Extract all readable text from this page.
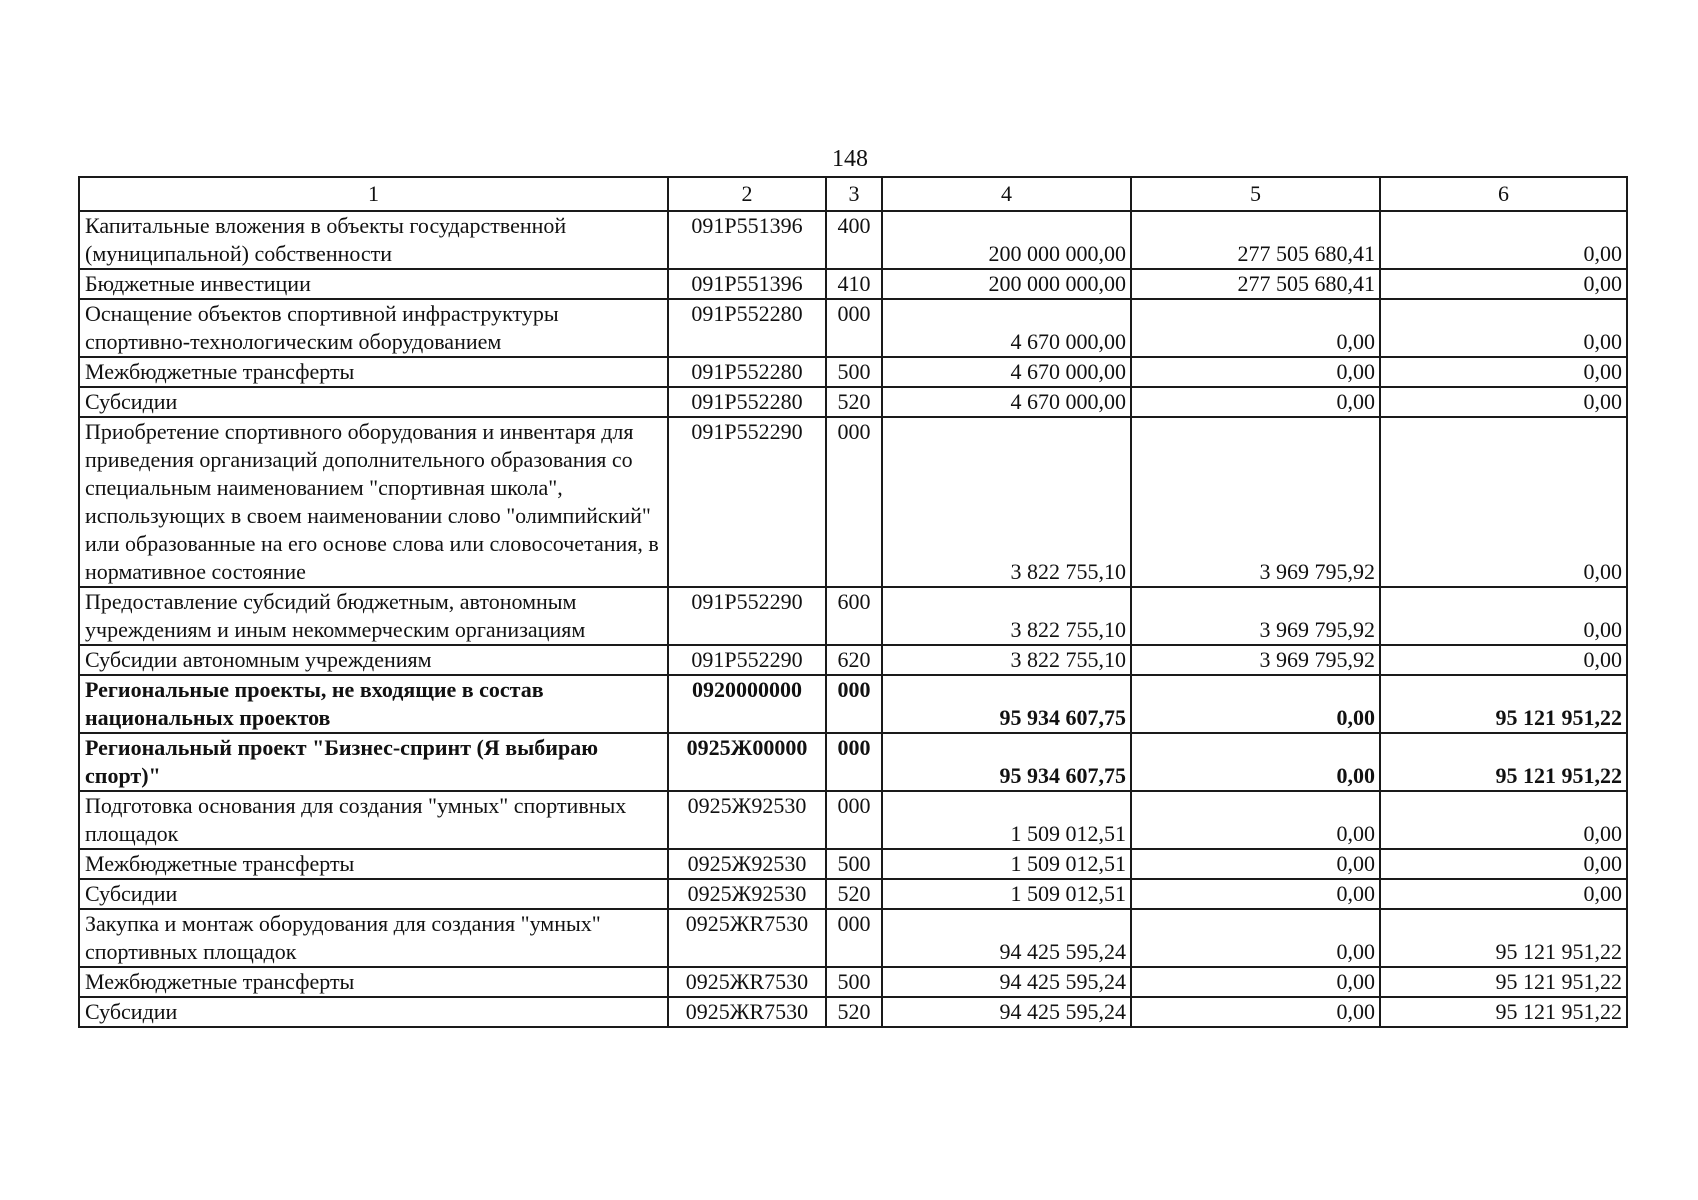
148
1	2	3	4	5	6
Капитальные вложения в объекты государственной (муниципальной) собственности	091P551396	400	200 000 000,00	277 505 680,41	0,00
Бюджетные инвестиции	091P551396	410	200 000 000,00	277 505 680,41	0,00
Оснащение объектов спортивной инфраструктуры спортивно-технологическим оборудованием	091P552280	000	4 670 000,00	0,00	0,00
Межбюджетные трансферты	091P552280	500	4 670 000,00	0,00	0,00
Субсидии	091P552280	520	4 670 000,00	0,00	0,00
Приобретение спортивного оборудования и инвентаря для приведения организаций дополнительного образования со специальным наименованием "спортивная школа", использующих в своем наименовании слово "олимпийский" или образованные на его основе слова или словосочетания, в нормативное состояние	091P552290	000	3 822 755,10	3 969 795,92	0,00
Предоставление субсидий бюджетным, автономным учреждениям и иным некоммерческим организациям	091P552290	600	3 822 755,10	3 969 795,92	0,00
Субсидии автономным учреждениям	091P552290	620	3 822 755,10	3 969 795,92	0,00
Региональные проекты, не входящие в состав национальных проектов	0920000000	000	95 934 607,75	0,00	95 121 951,22
Региональный проект "Бизнес-спринт (Я выбираю спорт)"	0925Ж00000	000	95 934 607,75	0,00	95 121 951,22
Подготовка основания для создания "умных" спортивных площадок	0925Ж92530	000	1 509 012,51	0,00	0,00
Межбюджетные трансферты	0925Ж92530	500	1 509 012,51	0,00	0,00
Субсидии	0925Ж92530	520	1 509 012,51	0,00	0,00
Закупка и монтаж оборудования для создания "умных" спортивных площадок	0925ЖR7530	000	94 425 595,24	0,00	95 121 951,22
Межбюджетные трансферты	0925ЖR7530	500	94 425 595,24	0,00	95 121 951,22
Субсидии	0925ЖR7530	520	94 425 595,24	0,00	95 121 951,22
